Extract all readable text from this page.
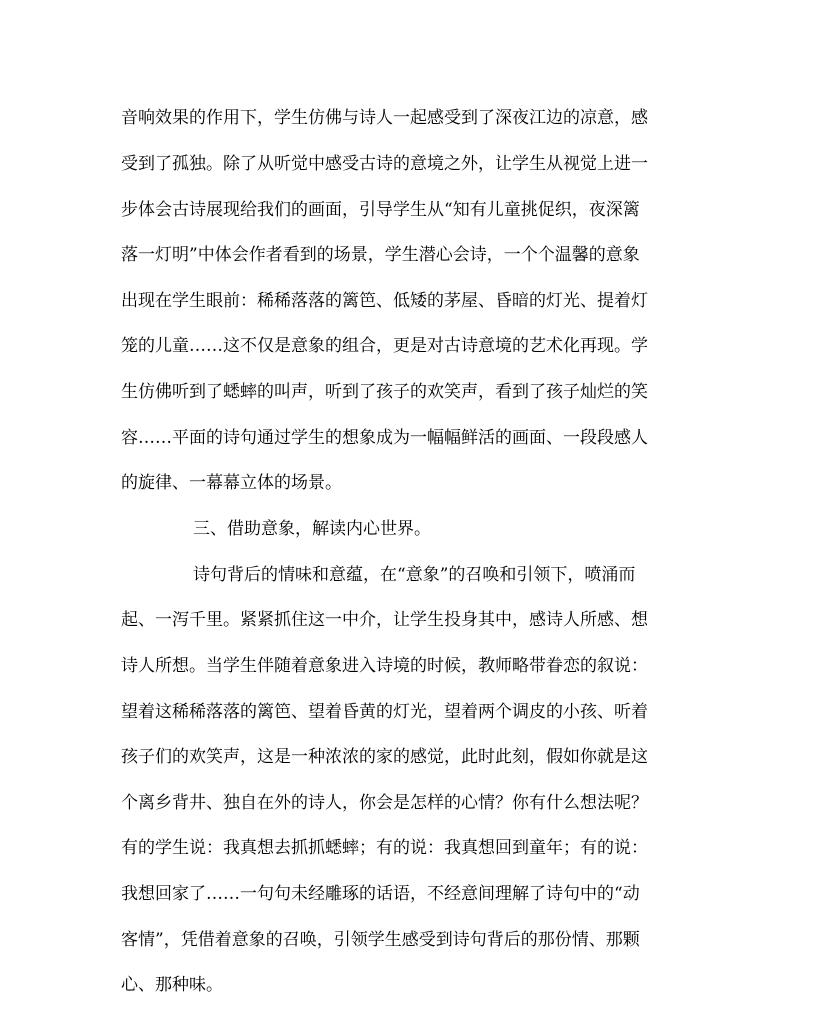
音响效果的作用下，学生仿佛与诗人一起感受到了深夜江边的凉意，感
受到了孤独。除了从听觉中感受古诗的意境之外，让学生从视觉上进一
步体会古诗展现给我们的画面，引导学生从“知有儿童挑促织，夜深篱
落一灯明”中体会作者看到的场景，学生潜心会诗，一个个温馨的意象
出现在学生眼前：稀稀落落的篱笆、低矮的茅屋、昏暗的灯光、提着灯
笼的儿童……这不仅是意象的组合，更是对古诗意境的艺术化再现。学
生仿佛听到了蟋蟀的叫声，听到了孩子的欢笑声，看到了孩子灿烂的笑
容……平面的诗句通过学生的想象成为一幅幅鲜活的画面、一段段感人
的旋律、一幕幕立体的场景。
三、借助意象，解读内心世界。
诗句背后的情味和意蕴，在“意象”的召唤和引领下，喷涌而
起、一泻千里。紧紧抓住这一中介，让学生投身其中，感诗人所感、想
诗人所想。当学生伴随着意象进入诗境的时候，教师略带眷恋的叙说：
望着这稀稀落落的篱笆、望着昏黄的灯光，望着两个调皮的小孩、听着
孩子们的欢笑声，这是一种浓浓的家的感觉，此时此刻，假如你就是这
个离乡背井、独自在外的诗人，你会是怎样的心情？你有什么想法呢？
有的学生说：我真想去抓抓蟋蟀；有的说：我真想回到童年；有的说：
我想回家了……一句句未经雕琢的话语，不经意间理解了诗句中的“动
客情”，凭借着意象的召唤，引领学生感受到诗句背后的那份情、那颗
心、那种味。
